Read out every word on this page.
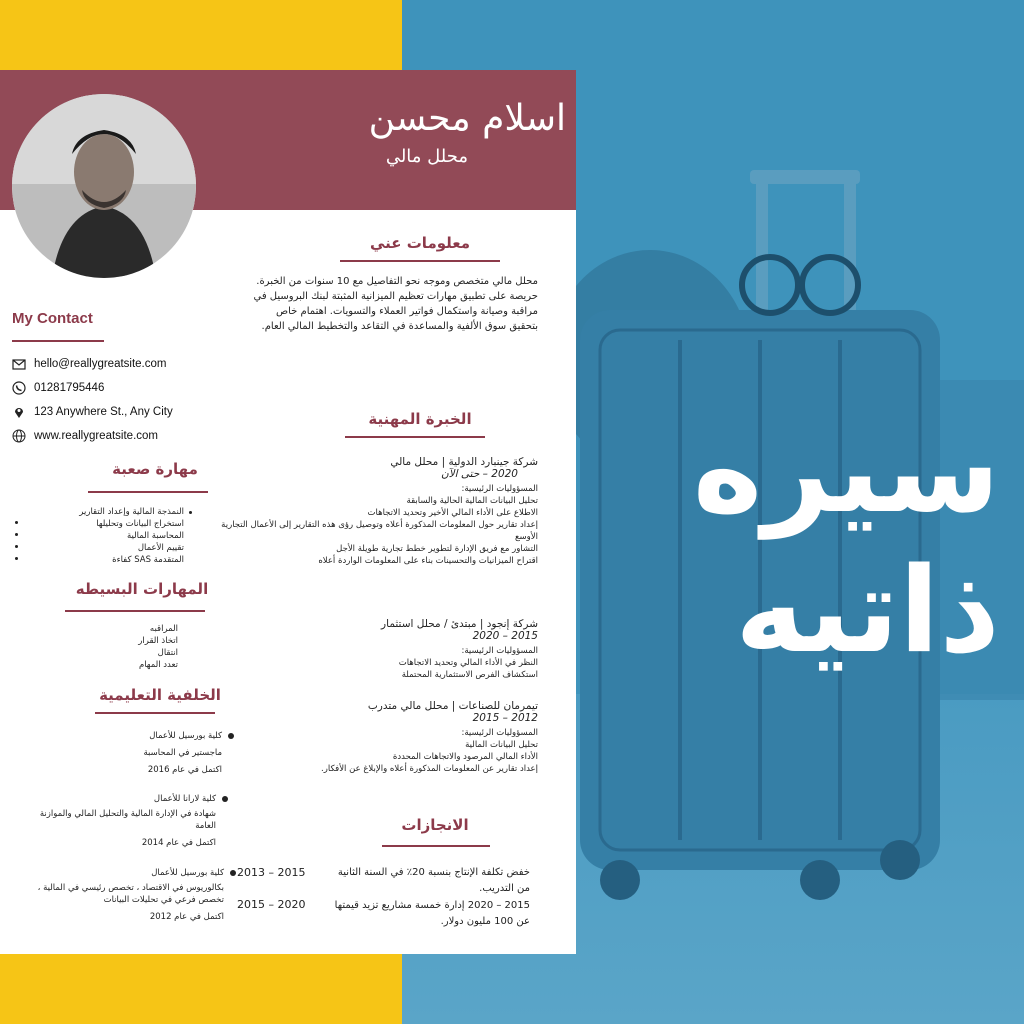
سيره
ذاتيه
اسلام محسن
محلل مالي
معلومات عني
محلل مالي متخصص وموجه نحو التفاصيل مع 10 سنوات من الخبرة.
حريصة على تطبيق مهارات تعظيم الميزانية المثبتة لبنك البروسيل في
مراقبة وصيانة واستكمال فواتير العملاء والتسويات. اهتمام خاص
بتحقيق سوق الألفية والمساعدة في التقاعد والتخطيط المالي العام.
My Contact
hello@reallygreatsite.com
01281795446
123 Anywhere St., Any City
www.reallygreatsite.com
مهارة صعبة
النمذجة المالية وإعداد التقارير
استخراج البيانات وتحليلها
المحاسبة المالية
تقييم الأعمال
المتقدمة SAS كفاءة
المهارات البسيطه
المراقبه
اتخاذ القرار
انتقال
تعدد المهام
الخلفية التعليمية
كلية بورسيل للأعمال
ماجستير في المحاسبة
اكتمل في عام 2016
كلية لارانا للأعمال
شهادة في الإدارة المالية والتحليل المالي والموازنة العامة
اكتمل في عام 2014
كلية بورسيل للأعمال
بكالوريوس في الاقتصاد ، تخصص رئيسي في المالية ، تخصص فرعي في تحليلات البيانات
اكتمل في عام 2012
الخبرة المهنية
شركة جينبارد الدولية | محلل مالي
2020 – حتى الآن
المسؤوليات الرئيسية:
تحليل البيانات المالية الحالية والسابقة
الاطلاع على الأداء المالي الأخير وتحديد الاتجاهات
إعداد تقارير حول المعلومات المذكورة أعلاه وتوصيل رؤى هذه التقارير إلى الأعمال التجارية
الأوسع
التشاور مع فريق الإدارة لتطوير خطط تجارية طويلة الأجل
اقتراح الميزانيات والتحسينات بناء على المعلومات الواردة أعلاه
شركة إنجود | مبتدئ / محلل استثمار
2015 – 2020
المسؤوليات الرئيسية:
النظر في الأداء المالي وتحديد الاتجاهات
استكشاف الفرص الاستثمارية المحتملة
تيمرمان للصناعات | محلل مالي متدرب
2012 – 2015
المسؤوليات الرئيسية:
تحليل البيانات المالية
الأداء المالي المرصود والاتجاهات المحددة
إعداد تقارير عن المعلومات المذكورة أعلاه والإبلاغ عن الأفكار.
الانجازات
2013 – 2015	خفض تكلفة الإنتاج بنسبة 20٪ في السنة الثانية
من التدريب.
2015 – 2020	2015 – 2020 إدارة خمسة مشاريع تزيد قيمتها
عن 100 مليون دولار.
